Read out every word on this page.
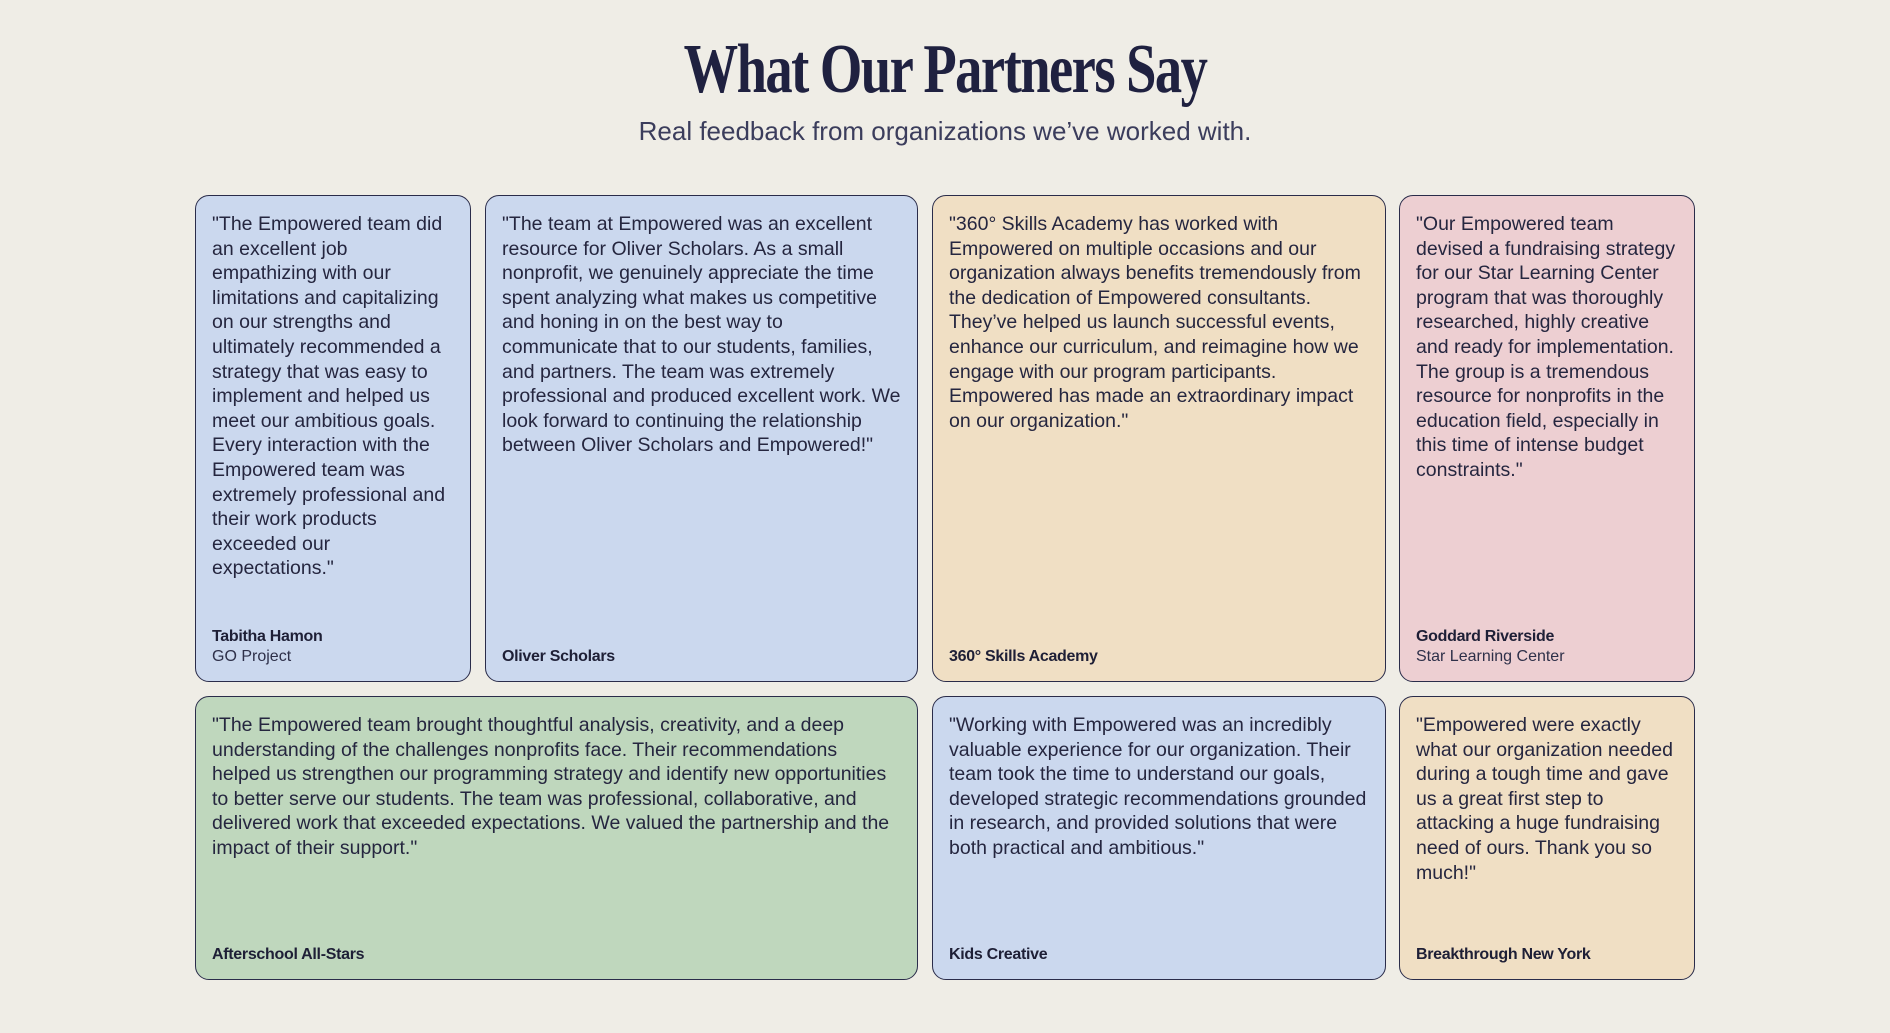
What Our Partners Say

Real feedback from organizations we’ve worked with.

"The Empowered team did an excellent job empathizing with our limitations and capitalizing on our strengths and ultimately recommended a strategy that was easy to implement and helped us meet our ambitious goals. Every interaction with the Empowered team was extremely professional and their work products exceeded our expectations."

Tabitha Hamon
GO Project

"The team at Empowered was an excellent resource for Oliver Scholars. As a small nonprofit, we genuinely appreciate the time spent analyzing what makes us competitive and honing in on the best way to communicate that to our students, families, and partners. The team was extremely professional and produced excellent work. We look forward to continuing the relationship between Oliver Scholars and Empowered!"

Oliver Scholars

"360° Skills Academy has worked with Empowered on multiple occasions and our organization always benefits tremendously from the dedication of Empowered consultants. They’ve helped us launch successful events, enhance our curriculum, and reimagine how we engage with our program participants. Empowered has made an extraordinary impact on our organization."

360° Skills Academy

"Our Empowered team devised a fundraising strategy for our Star Learning Center program that was thoroughly researched, highly creative and ready for implementation. The group is a tremendous resource for nonprofits in the education field, especially in this time of intense budget constraints."

Goddard Riverside
Star Learning Center

"The Empowered team brought thoughtful analysis, creativity, and a deep understanding of the challenges nonprofits face. Their recommendations helped us strengthen our programming strategy and identify new opportunities to better serve our students. The team was professional, collaborative, and delivered work that exceeded expectations. We valued the partnership and the impact of their support."

Afterschool All-Stars

"Working with Empowered was an incredibly valuable experience for our organization. Their team took the time to understand our goals, developed strategic recommendations grounded in research, and provided solutions that were both practical and ambitious."

Kids Creative

"Empowered were exactly what our organization needed during a tough time and gave us a great first step to attacking a huge fundraising need of ours. Thank you so much!"

Breakthrough New York
